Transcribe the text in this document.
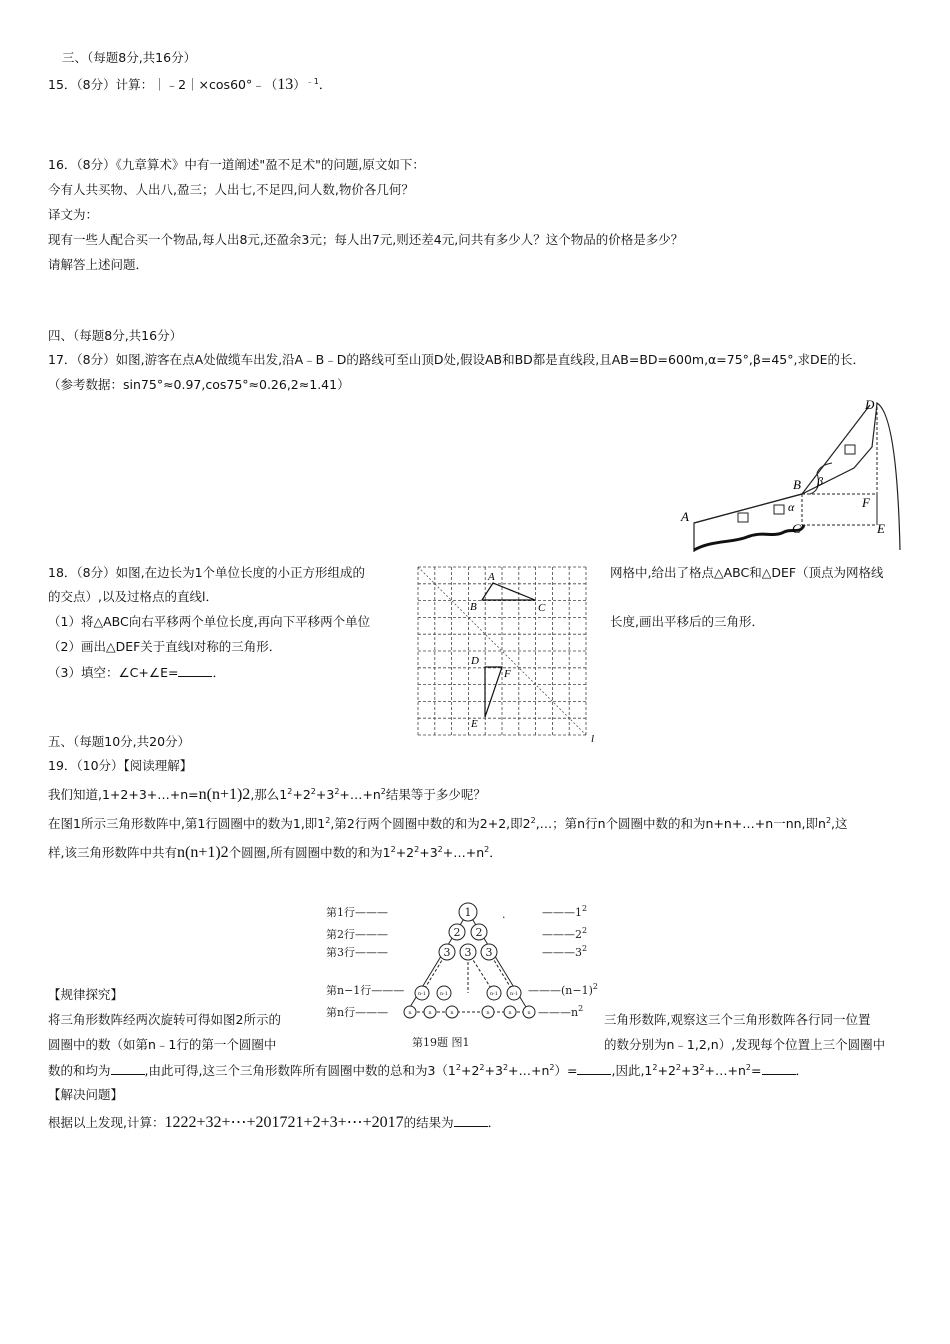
三、（每题8分,共16分）
15．（8分）计算：$|﹣2|\times\cos 60^\circ﹣(13)^{﹣1}$．
16．（8分）《九章算术》中有一道阐述"盈不足术"的问题,原文如下：
今有人共买物、人出八,盈三；人出七,不足四,问人数,物价各几何？
译文为：
现有一些人配合买一个物品,每人出8元,还盈余3元；每人出7元,则还差4元,问共有多少人？这个物品的价格是多少？
请解答上述问题．
四、（每题8分,共16分）
17．（8分）如图,游客在点A处做缆车出发,沿A﹣B﹣D的路线可至山顶D处,假设AB和BD都是直线段,且AB=BD=600m,α=75°,β=45°,求DE的长．
（参考数据：sin75°≈0.97,cos75°≈0.26,2≈1.41）
A
B
C
D
E
F
α
β
18．（8分）如图,在边长为1个单位长度的小正方形组成的	网格中,给出了格点△ABC和△DEF（顶点为网格线
的交点）,以及过格点的直线l．
（1）将△ABC向右平移两个单位长度,再向下平移两个单位	长度,画出平移后的三角形．
（2）画出△DEF关于直线l对称的三角形．
（3）填空：∠C+∠E=	．
A
B	C
D
E
F
l
五、（每题10分,共20分）
19．（10分）【阅读理解】
我们知道,1+2+3+…+n=n(n+1)2,那么$1^2+2^2+3^2+\dots+n^2$结果等于多少呢？
在图1所示三角形数阵中,第1行圆圈中的数为1,即$1^2$,第2行两个圆圈中数的和为2+2,即$2^2,\dots$；第n行n个圆圈中数的和为n+n+…+n一nn,即$n^2$,这
样,该三角形数阵中共有n(n+1)2个圆圈,所有圆圈中数的和为$1^2+2^2+3^2+\dots+n^2$．
第1行———
第2行———
第3行———
第n−1行———
第n行———
$———1^2$
$———2^2$
$———3^2$
$———(n-1)^2$
$———n^2$
第19题 图1
.
1
2 2
3 3 3
n-1	n-1	n-1 n-1
n	n	n	n	n	n
【规律探究】
将三角形数阵经两次旋转可得如图2所示的	三角形数阵,观察这三个三角形数阵各行同一位置
圆圈中的数（如第n﹣1行的第一个圆圈中	的数分别为n﹣1,2,n）,发现每个位置上三个圆圈中
数的和均为	,由此可得,这三个三角形数阵所有圆圈中数的总和为$3(1^2+2^2+3^2+\dots+n^2)=$	,因此$,1^2+2^2+3^2+\dots+n^2=$	．
【解决问题】
根据以上发现,计算：1222+32+⋯+201721+2+3+⋯+2017的结果为	．
